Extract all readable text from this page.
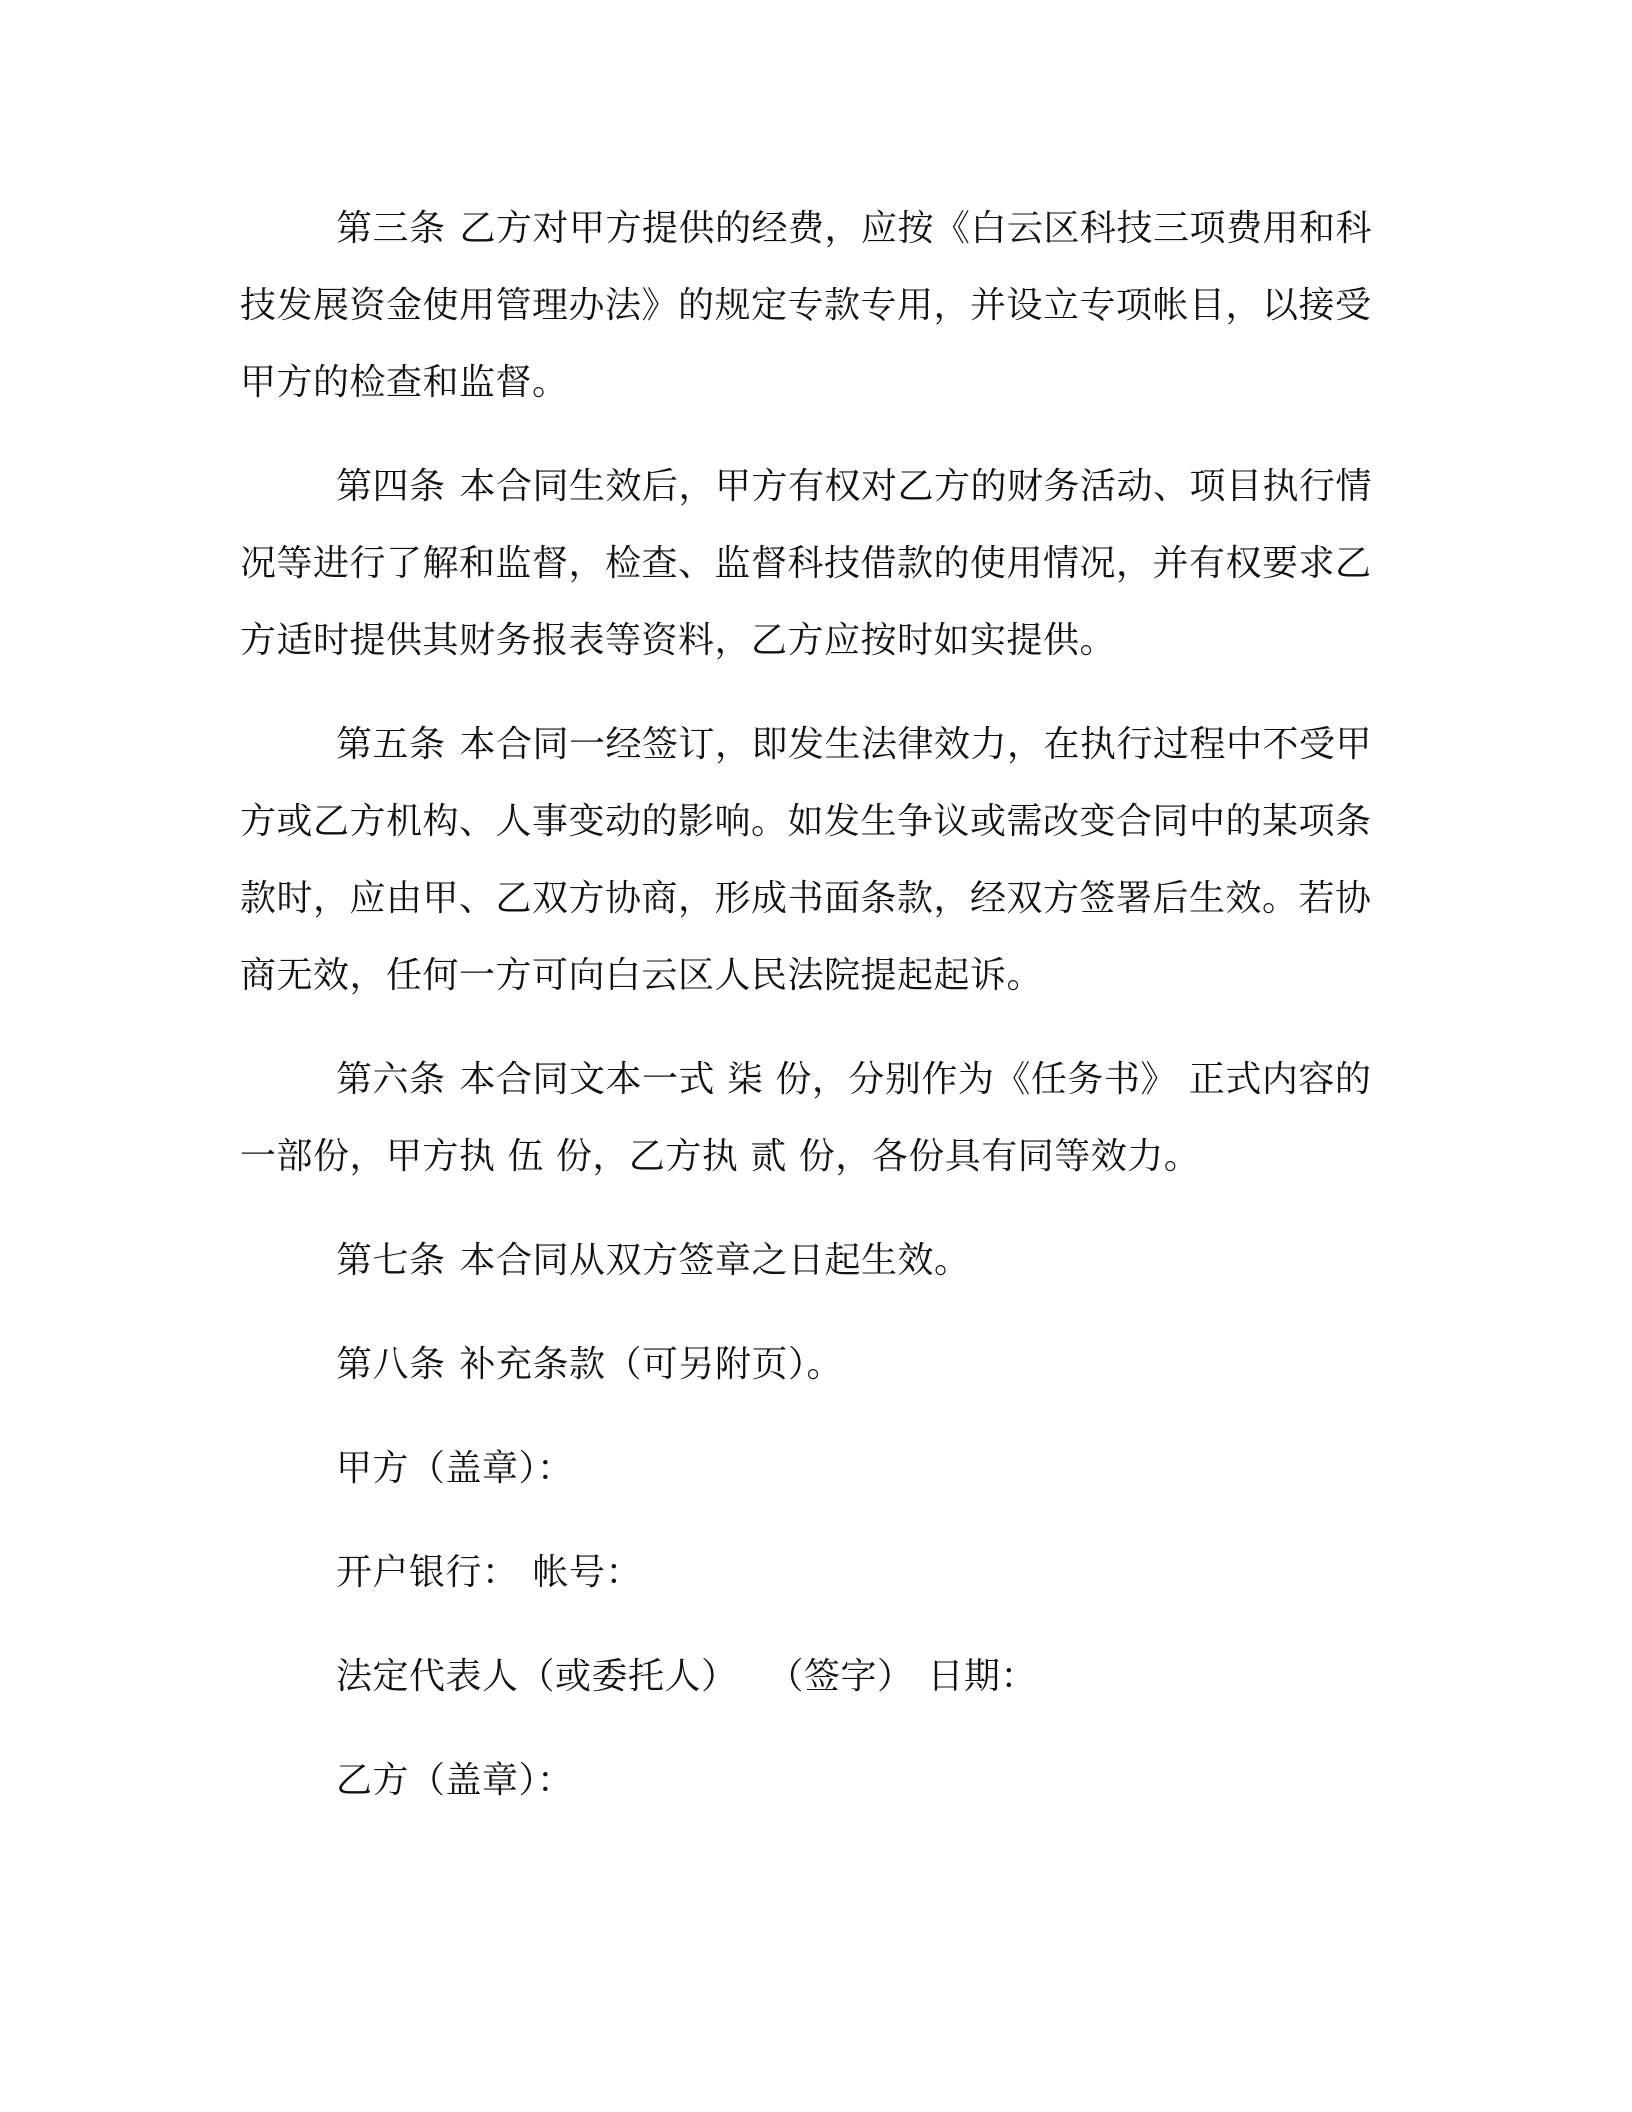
第三条 乙方对甲方提供的经费，应按《白云区科技三项费用和科技发展资金使用管理办法》的规定专款专用，并设立专项帐目，以接受甲方的检查和监督。

第四条 本合同生效后，甲方有权对乙方的财务活动、项目执行情况等进行了解和监督，检查、监督科技借款的使用情况，并有权要求乙方适时提供其财务报表等资料，乙方应按时如实提供。

第五条 本合同一经签订，即发生法律效力，在执行过程中不受甲方或乙方机构、人事变动的影响。如发生争议或需改变合同中的某项条款时，应由甲、乙双方协商，形成书面条款，经双方签署后生效。若协商无效，任何一方可向白云区人民法院提起起诉。

第六条 本合同文本一式 柒 份，分别作为《任务书》 正式内容的一部份，甲方执 伍 份，乙方执 贰 份，各份具有同等效力。

第七条 本合同从双方签章之日起生效。

第八条 补充条款（可另附页）。

甲方（盖章）：

开户银行： 帐号：

法定代表人（或委托人） （签字） 日期：

乙方（盖章）：
